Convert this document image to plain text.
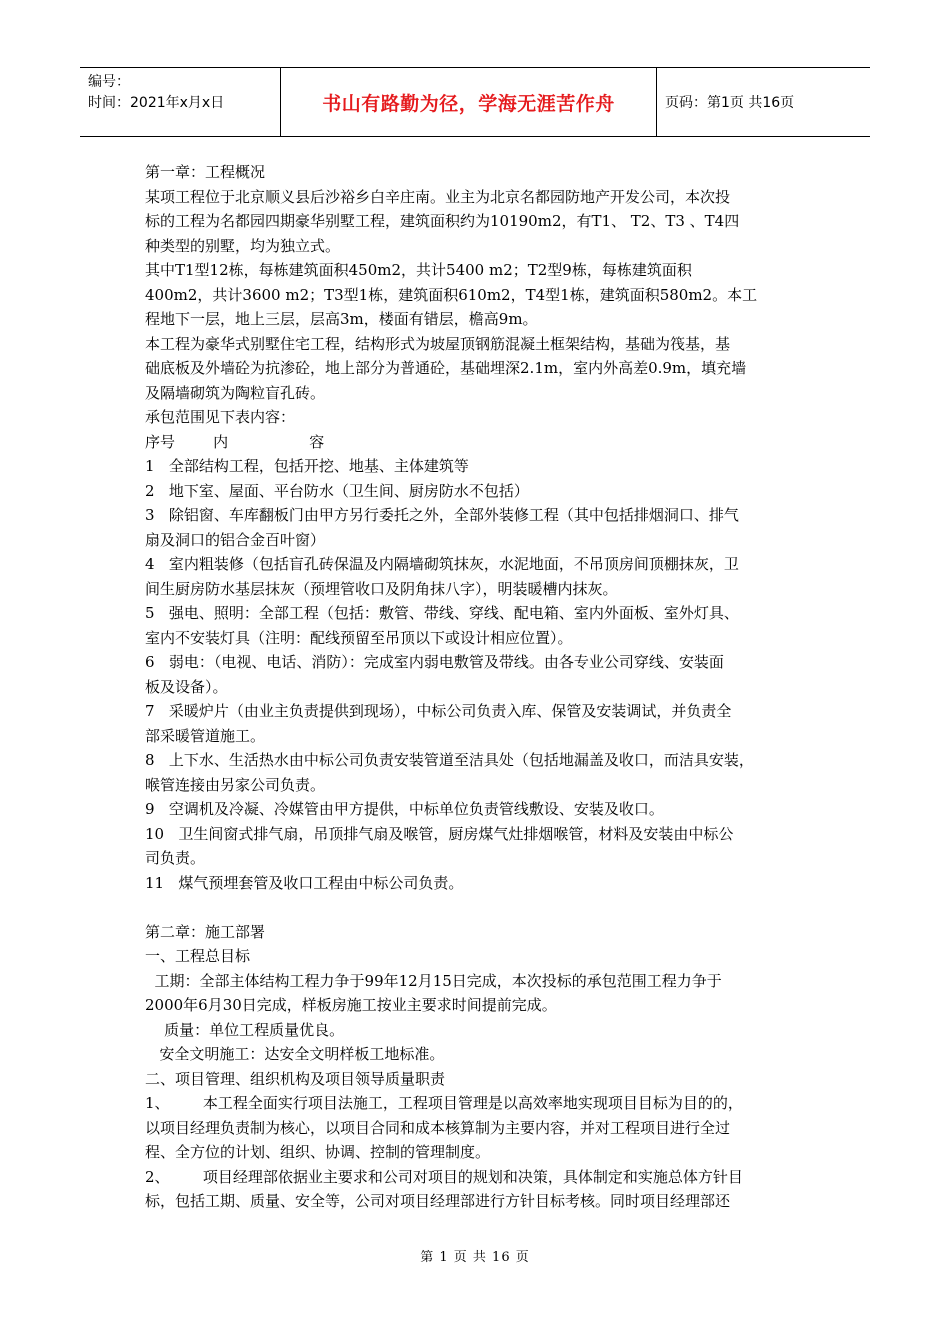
编号：
时间：2021年x月x日	书山有路勤为径，学海无涯苦作舟	页码：第1页 共16页

第一章：工程概况

某项工程位于北京顺义县后沙裕乡白辛庄南。业主为北京名都园防地产开发公司，本次投

标的工程为名都园四期豪华别墅工程，建筑面积约为10190m2，有T1、 T2、T3 、T4四

种类型的别墅，均为独立式。

其中T1型12栋，每栋建筑面积450m2，共计5400 m2；T2型9栋，每栋建筑面积

400m2，共计3600 m2；T3型1栋，建筑面积610m2，T4型1栋，建筑面积580m2。本工

程地下一层，地上三层，层高3m，楼面有错层，檐高9m。

本工程为豪华式别墅住宅工程，结构形式为坡屋顶钢筋混凝土框架结构，基础为筏基，基

础底板及外墙砼为抗渗砼，地上部分为普通砼，基础埋深2.1m，室内外高差0.9m，填充墙

及隔墙砌筑为陶粒盲孔砖。

承包范围见下表内容：

序号        内                 容

1   全部结构工程，包括开挖、地基、主体建筑等

2   地下室、屋面、平台防水（卫生间、厨房防水不包括）

3   除铝窗、车库翻板门由甲方另行委托之外，全部外装修工程（其中包括排烟洞口、排气

扇及洞口的铝合金百叶窗）

4   室内粗装修（包括盲孔砖保温及内隔墙砌筑抹灰，水泥地面，不吊顶房间顶棚抹灰，卫

间生厨房防水基层抹灰（预埋管收口及阴角抹八字），明装暖槽内抹灰。

5   强电、照明：全部工程（包括：敷管、带线、穿线、配电箱、室内外面板、室外灯具、

室内不安装灯具（注明：配线预留至吊顶以下或设计相应位置）。

6   弱电：（电视、电话、消防）：完成室内弱电敷管及带线。由各专业公司穿线、安装面

板及设备）。

7   采暖炉片（由业主负责提供到现场），中标公司负责入库、保管及安装调试，并负责全

部采暖管道施工。

8   上下水、生活热水由中标公司负责安装管道至洁具处（包括地漏盖及收口，而洁具安装，

喉管连接由另家公司负责。

9   空调机及冷凝、冷媒管由甲方提供，中标单位负责管线敷设、安装及收口。

10   卫生间窗式排气扇，吊顶排气扇及喉管，厨房煤气灶排烟喉管，材料及安装由中标公

司负责。

11   煤气预埋套管及收口工程由中标公司负责。

第二章：施工部署

一、工程总目标

工期：全部主体结构工程力争于99年12月15日完成，本次投标的承包范围工程力争于

2000年6月30日完成，样板房施工按业主要求时间提前完成。

质量：单位工程质量优良。

安全文明施工：达安全文明样板工地标准。

二、项目管理、组织机构及项目领导质量职责

1、       本工程全面实行项目法施工，工程项目管理是以高效率地实现项目目标为目的的，

以项目经理负责制为核心，以项目合同和成本核算制为主要内容，并对工程项目进行全过

程、全方位的计划、组织、协调、控制的管理制度。

2、       项目经理部依据业主要求和公司对项目的规划和决策，具体制定和实施总体方针目

标，包括工期、质量、安全等，公司对项目经理部进行方针目标考核。同时项目经理部还

第 1 页 共 16 页
